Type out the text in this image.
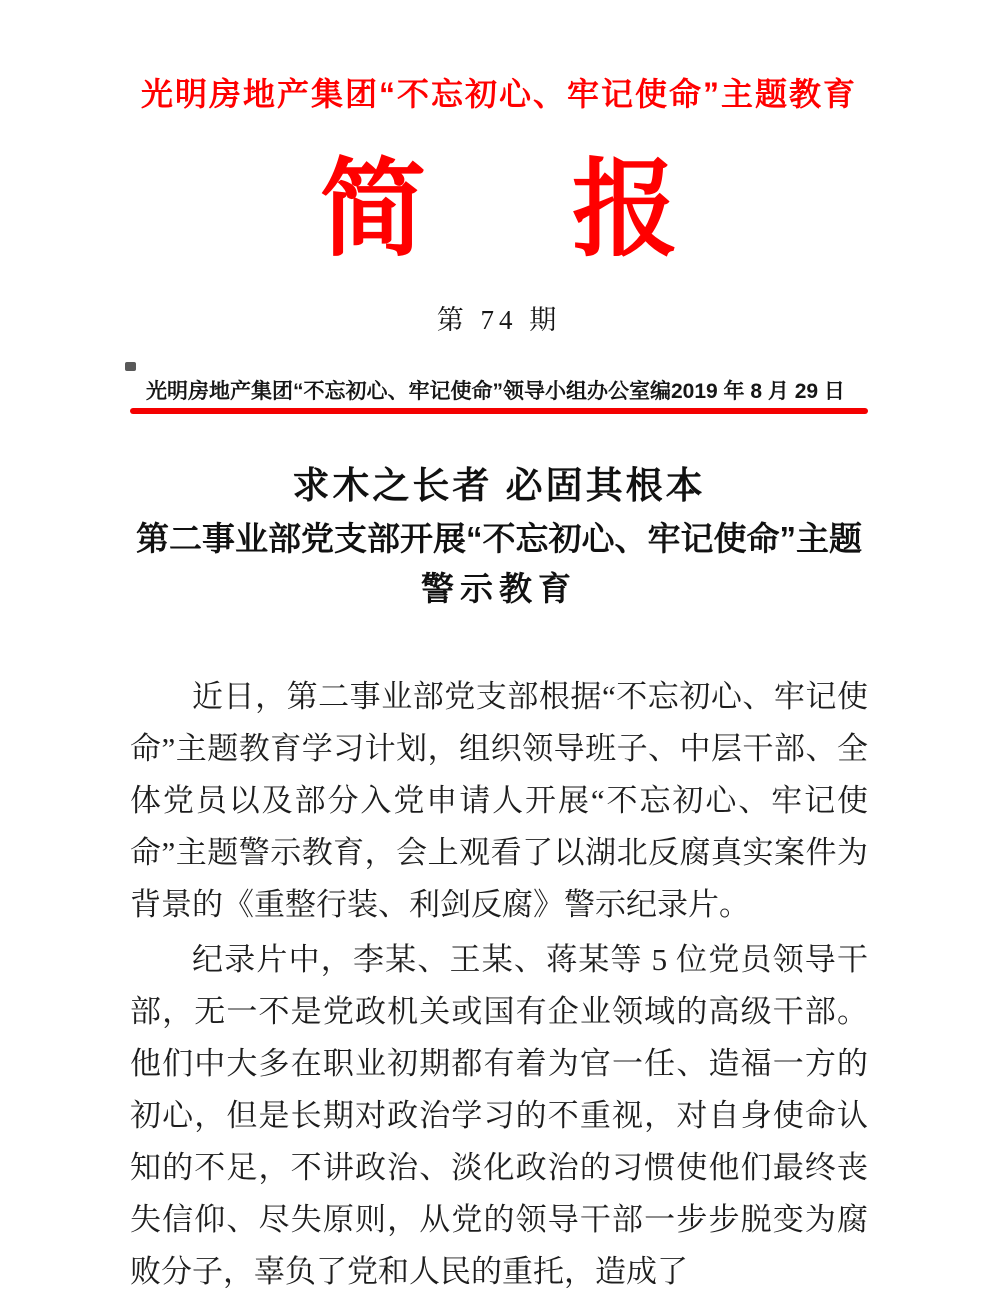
光明房地产集团“不忘初心、牢记使命”主题教育
简 报
第 74 期
光明房地产集团“不忘初心、牢记使命”领导小组办公室编 2019 年 8 月 29 日
求木之长者 必固其根本
第二事业部党支部开展“不忘初心、牢记使命”主题
警示教育

近日，第二事业部党支部根据“不忘初心、牢记使命”主题教育学习计划，组织领导班子、中层干部、全体党员以及部分入党申请人开展“不忘初心、牢记使命”主题警示教育，会上观看了以湖北反腐真实案件为背景的《重整行装、利剑反腐》警示纪录片。

纪录片中，李某、王某、蒋某等 5 位党员领导干部，无一不是党政机关或国有企业领域的高级干部。他们中大多在职业初期都有着为官一任、造福一方的初心，但是长期对政治学习的不重视，对自身使命认知的不足，不讲政治、淡化政治的习惯使他们最终丧失信仰、尽失原则，从党的领导干部一步步脱变为腐败分子，辜负了党和人民的重托，造成了
